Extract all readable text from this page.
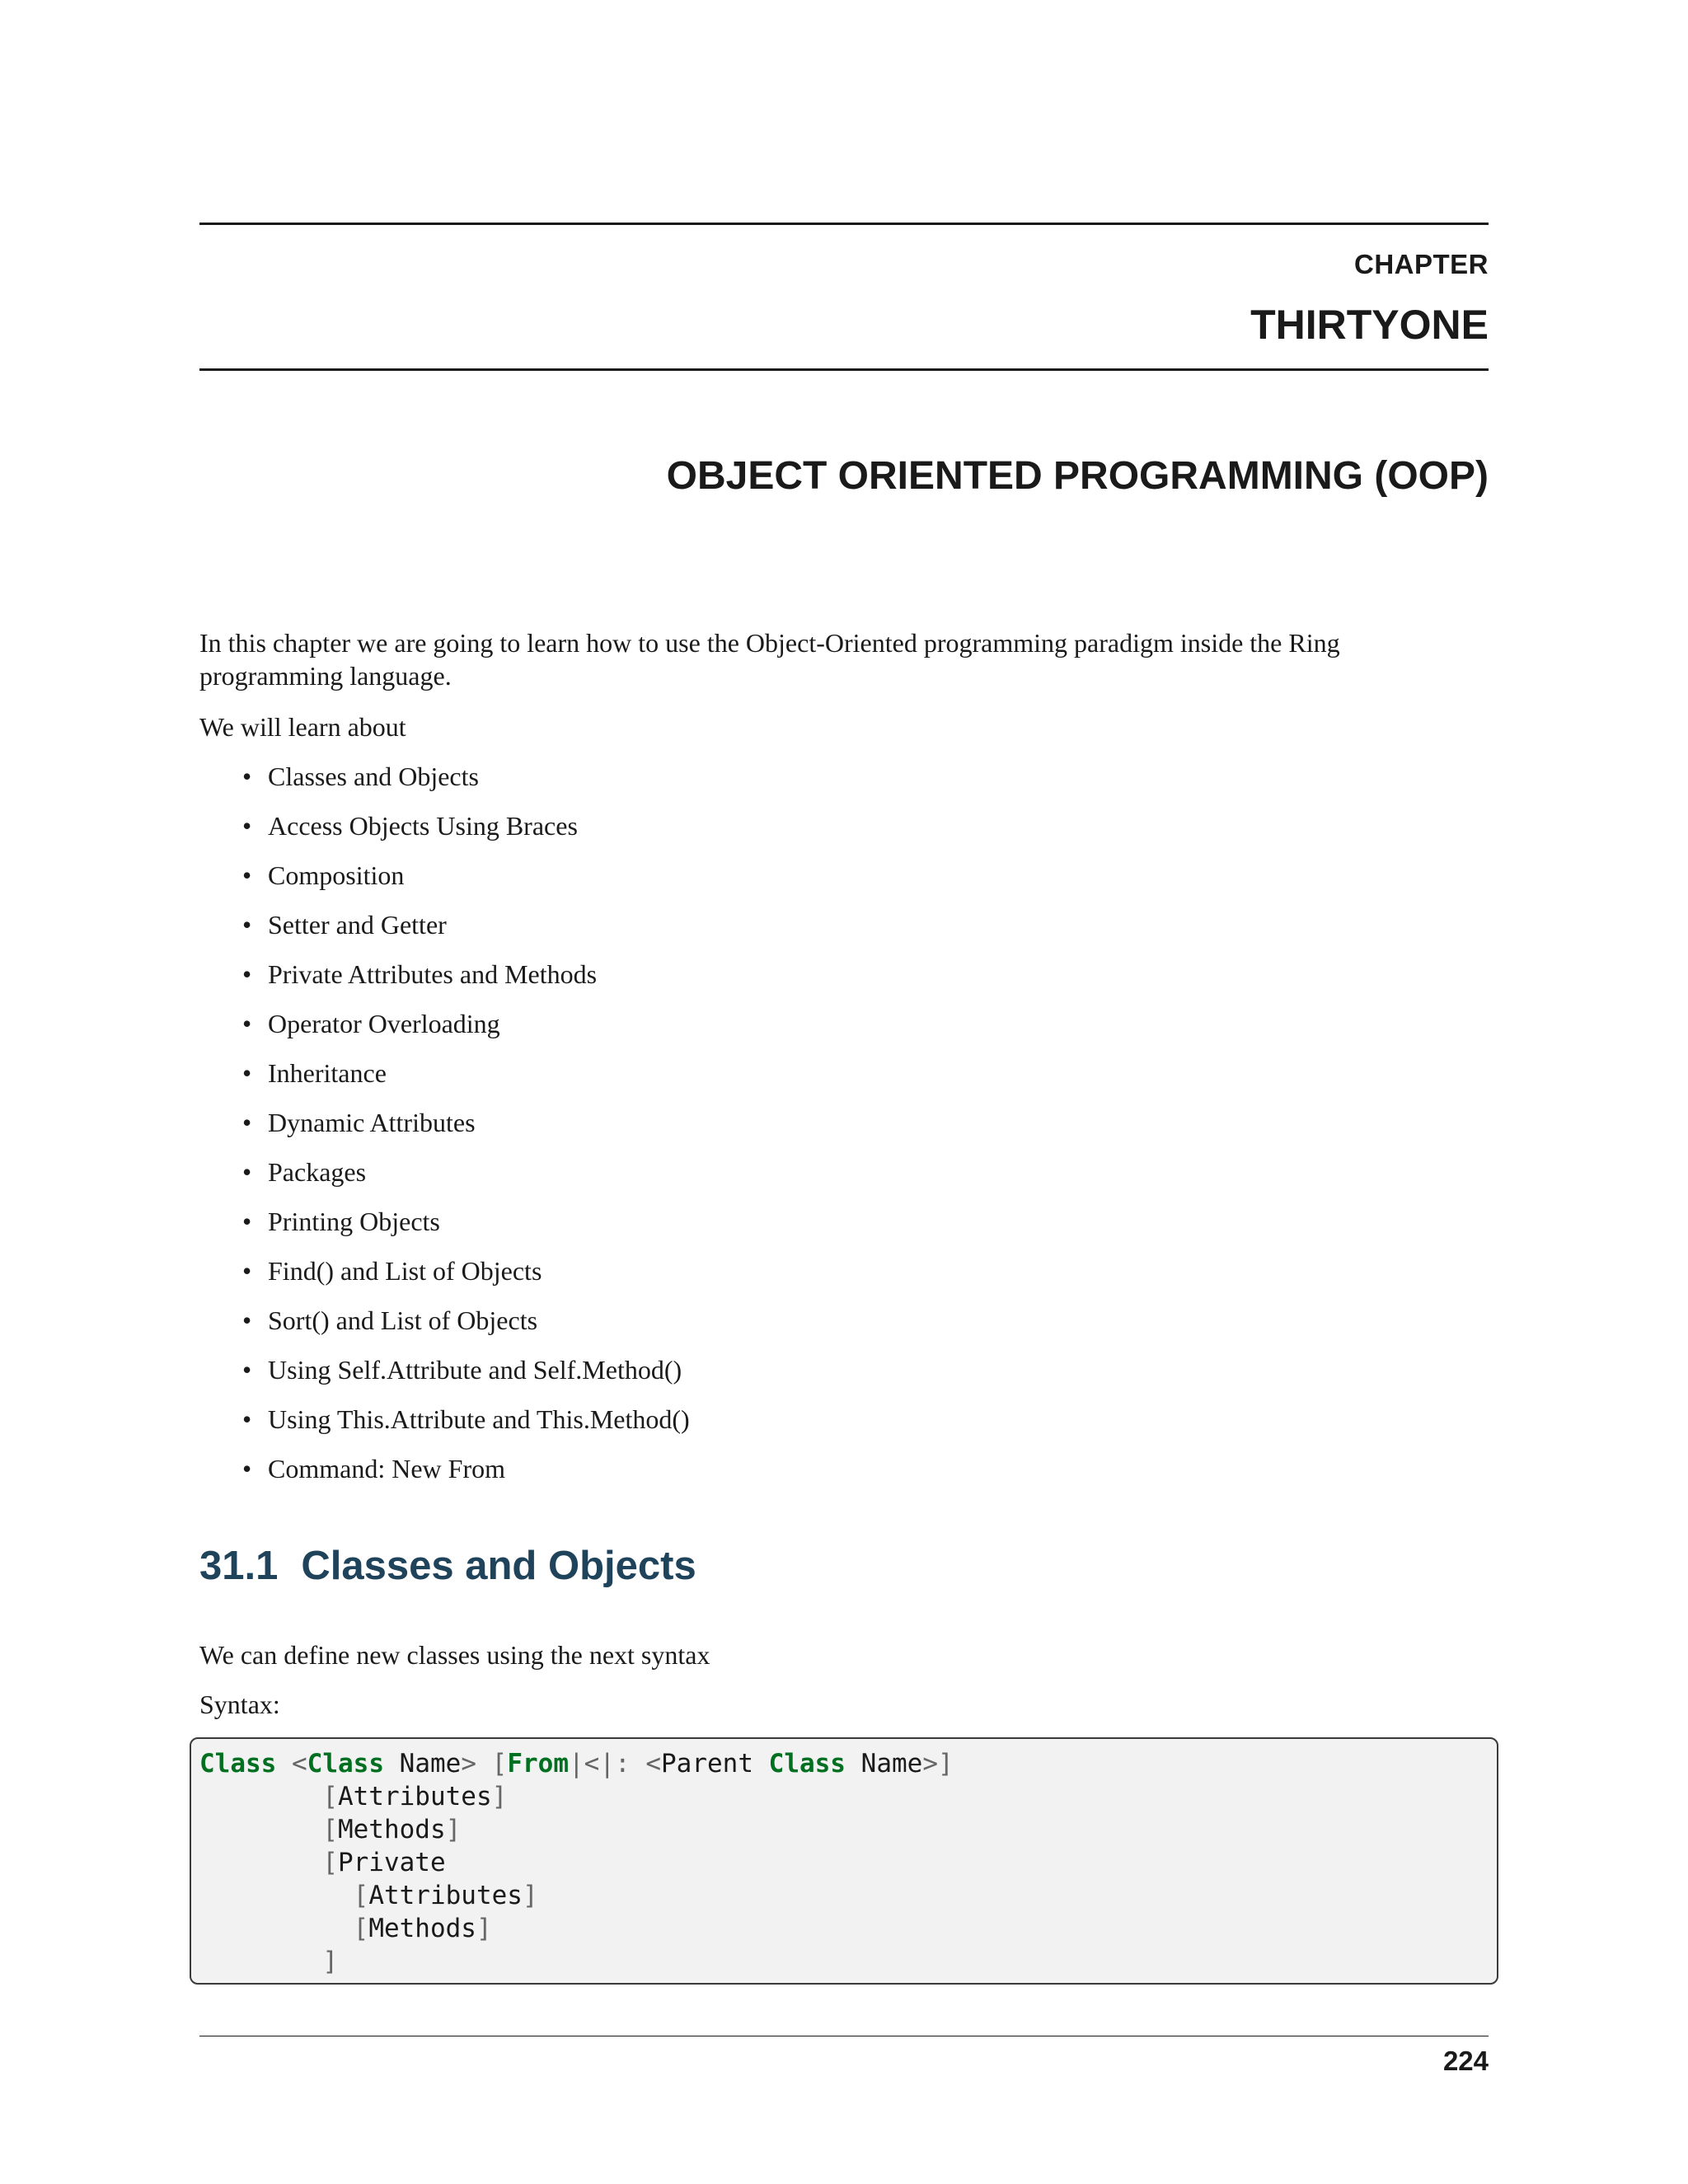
CHAPTER
THIRTYONE
OBJECT ORIENTED PROGRAMMING (OOP)

In this chapter we are going to learn how to use the Object-Oriented programming paradigm inside the Ring programming language.

We will learn about

• Classes and Objects
• Access Objects Using Braces
• Composition
• Setter and Getter
• Private Attributes and Methods
• Operator Overloading
• Inheritance
• Dynamic Attributes
• Packages
• Printing Objects
• Find() and List of Objects
• Sort() and List of Objects
• Using Self.Attribute and Self.Method()
• Using This.Attribute and This.Method()
• Command: New From
31.1 Classes and Objects

We can define new classes using the next syntax

Syntax:

Class <Class Name> [From|<|: <Parent Class Name>]
[Attributes]
[Methods]
[Private
[Attributes]
[Methods]
]
224
